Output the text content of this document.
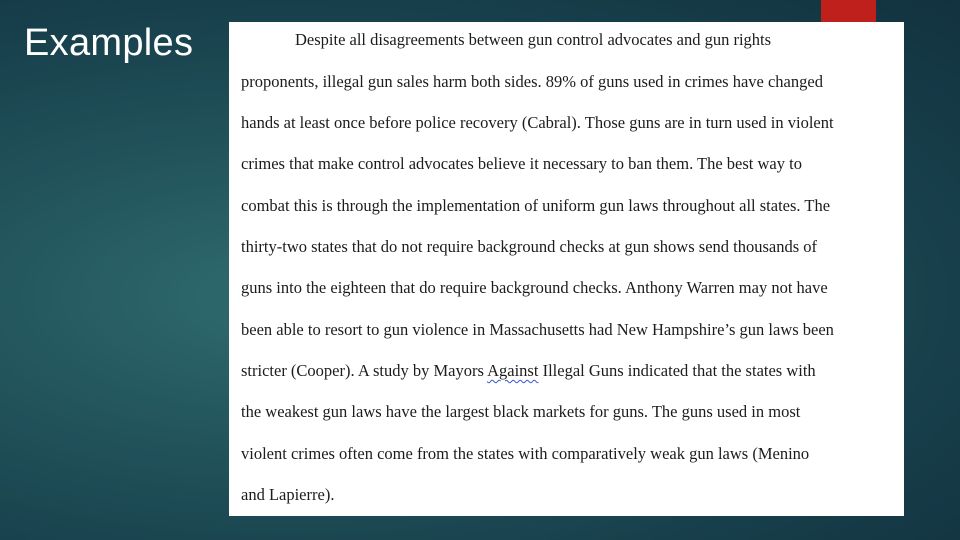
Examples	Despite all disagreements between gun control advocates and gun rights
proponents, illegal gun sales harm both sides. 89% of guns used in crimes have changed
hands at least once before police recovery (Cabral). Those guns are in turn used in violent
crimes that make control advocates believe it necessary to ban them. The best way to
combat this is through the implementation of uniform gun laws throughout all states. The
thirty-two states that do not require background checks at gun shows send thousands of
guns into the eighteen that do require background checks. Anthony Warren may not have
been able to resort to gun violence in Massachusetts had New Hampshire’s gun laws been
stricter (Cooper). A study by Mayors Against Illegal Guns indicated that the states with
the weakest gun laws have the largest black markets for guns. The guns used in most
violent crimes often come from the states with comparatively weak gun laws (Menino
and Lapierre).
